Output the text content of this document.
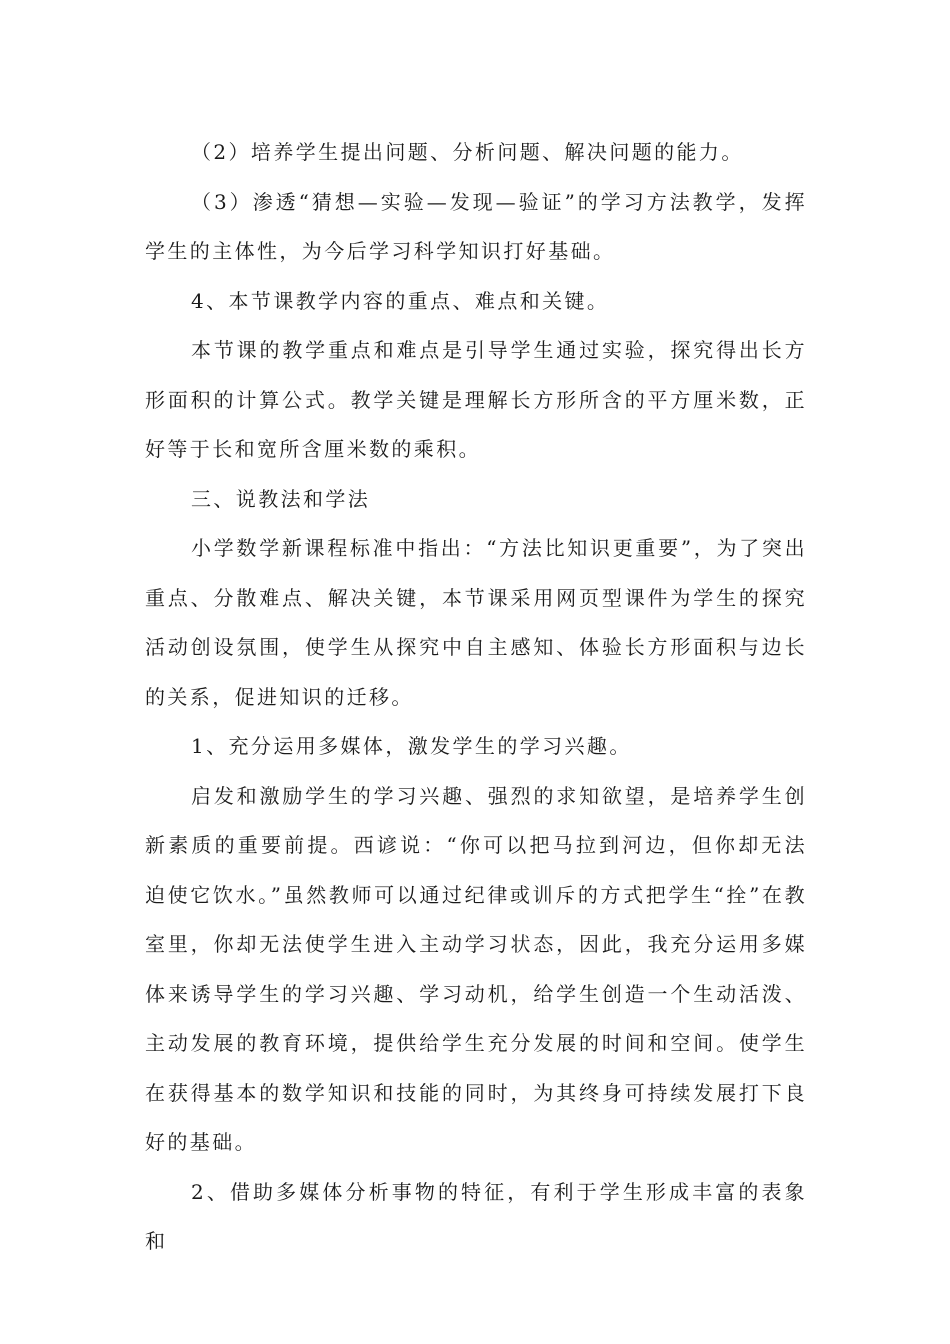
（2）培养学生提出问题、分析问题、解决问题的能力。

（3）渗透“猜想—实验—发现—验证”的学习方法教学，发挥学生的主体性，为今后学习科学知识打好基础。

4、本节课教学内容的重点、难点和关键。

本节课的教学重点和难点是引导学生通过实验，探究得出长方形面积的计算公式。教学关键是理解长方形所含的平方厘米数，正好等于长和宽所含厘米数的乘积。

三、说教法和学法

小学数学新课程标准中指出：“方法比知识更重要”，为了突出重点、分散难点、解决关键，本节课采用网页型课件为学生的探究活动创设氛围，使学生从探究中自主感知、体验长方形面积与边长的关系，促进知识的迁移。

1、充分运用多媒体，激发学生的学习兴趣。

启发和激励学生的学习兴趣、强烈的求知欲望，是培养学生创新素质的重要前提。西谚说：“你可以把马拉到河边，但你却无法迫使它饮水。”虽然教师可以通过纪律或训斥的方式把学生“拴”在教室里，你却无法使学生进入主动学习状态，因此，我充分运用多媒体来诱导学生的学习兴趣、学习动机，给学生创造一个生动活泼、主动发展的教育环境，提供给学生充分发展的时间和空间。使学生在获得基本的数学知识和技能的同时，为其终身可持续发展打下良好的基础。

2、借助多媒体分析事物的特征，有利于学生形成丰富的表象和
